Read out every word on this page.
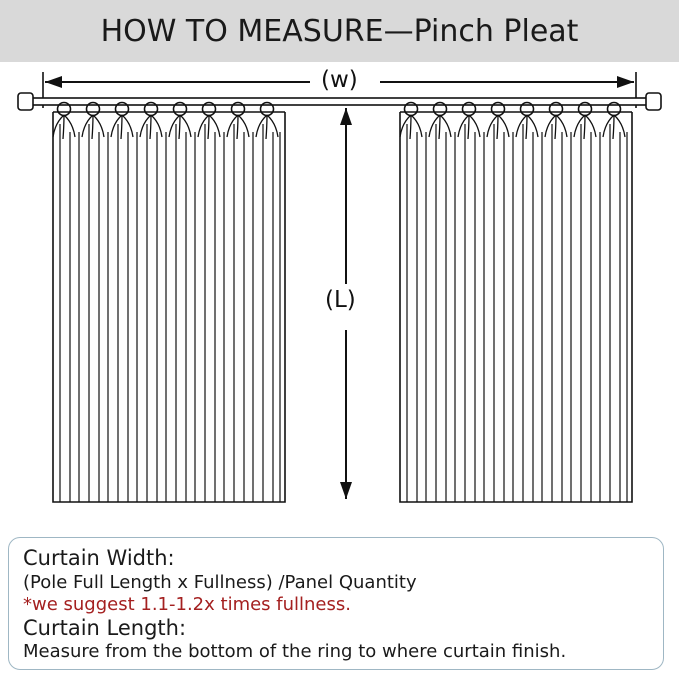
HOW TO MEASURE—Pinch Pleat
(w)
(L)
Curtain Width:
(Pole Full Length x Fullness) /Panel Quantity
*we suggest 1.1-1.2x times fullness.
Curtain Length:
Measure from the bottom of the ring to where curtain finish.
